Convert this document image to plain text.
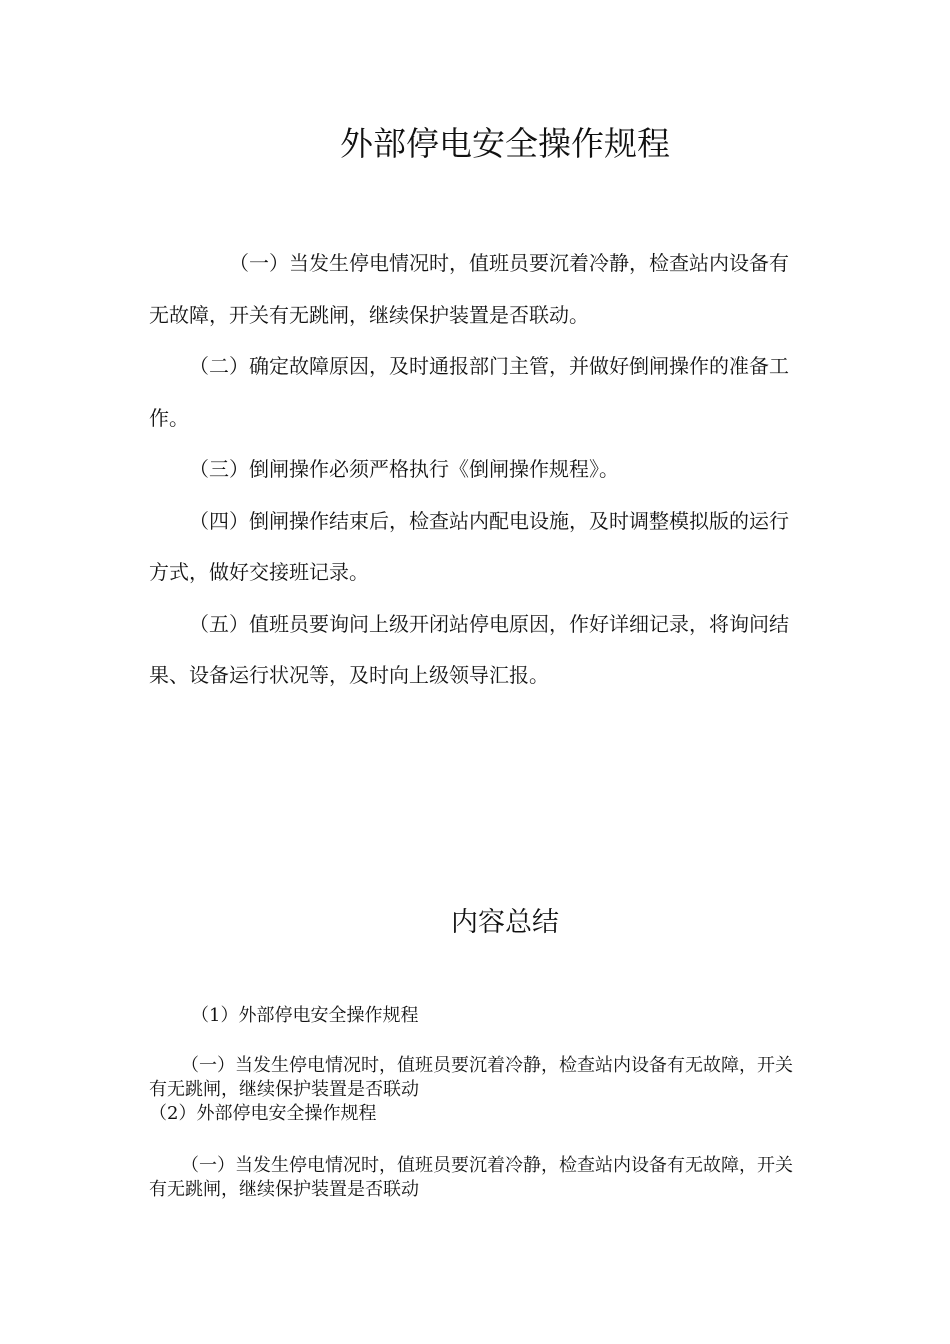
外部停电安全操作规程

（一）当发生停电情况时，值班员要沉着冷静，检查站内设备有无故障，开关有无跳闸，继续保护装置是否联动。

（二）确定故障原因，及时通报部门主管，并做好倒闸操作的准备工作。

（三）倒闸操作必须严格执行《倒闸操作规程》。

（四）倒闸操作结束后，检查站内配电设施，及时调整模拟版的运行方式，做好交接班记录。

（五）值班员要询问上级开闭站停电原因，作好详细记录，将询问结果、设备运行状况等，及时向上级领导汇报。

内容总结

（1）外部停电安全操作规程

（一）当发生停电情况时，值班员要沉着冷静，检查站内设备有无故障，开关有无跳闸，继续保护装置是否联动

（2）外部停电安全操作规程

（一）当发生停电情况时，值班员要沉着冷静，检查站内设备有无故障，开关有无跳闸，继续保护装置是否联动
